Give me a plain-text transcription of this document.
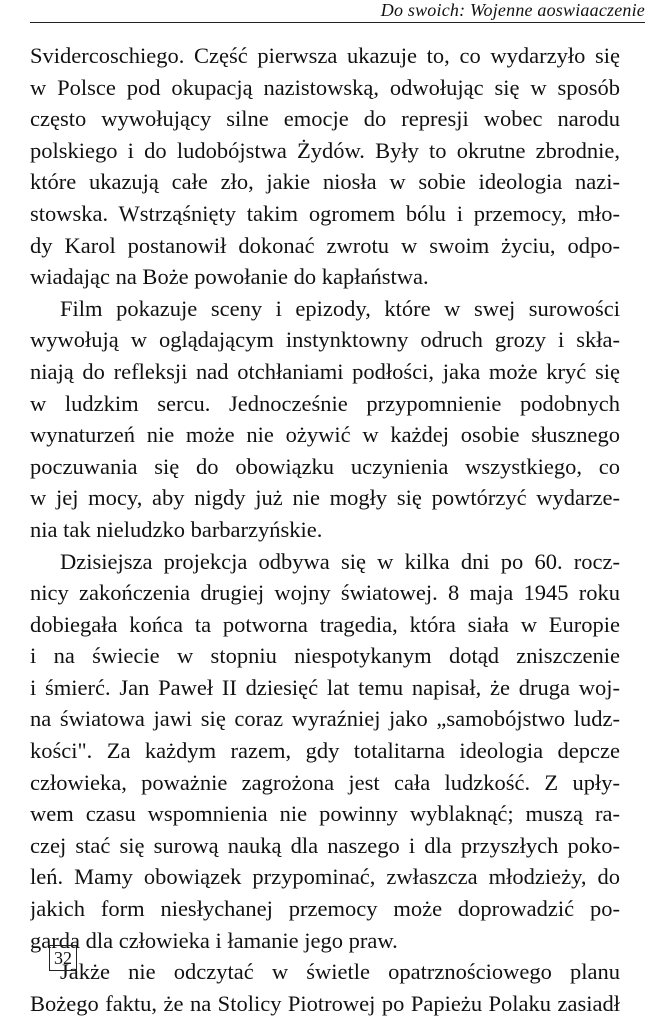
Do swoich: Wojenne aoswiaaczenie
Svidercoschiego. Część pierwsza ukazuje to, co wydarzyło się
w Polsce pod okupacją nazistowską, odwołując się w sposób
często wywołujący silne emocje do represji wobec narodu
polskiego i do ludobójstwa Żydów. Były to okrutne zbrodnie,
które ukazują całe zło, jakie niosła w sobie ideologia nazi-
stowska. Wstrząśnięty takim ogromem bólu i przemocy, mło-
dy Karol postanowił dokonać zwrotu w swoim życiu, odpo-
wiadając na Boże powołanie do kapłaństwa.
Film pokazuje sceny i epizody, które w swej surowości
wywołują w oglądającym instynktowny odruch grozy i skła-
niają do refleksji nad otchłaniami podłości, jaka może kryć się
w ludzkim sercu. Jednocześnie przypomnienie podobnych
wynaturzeń nie może nie ożywić w każdej osobie słusznego
poczuwania się do obowiązku uczynienia wszystkiego, co
w jej mocy, aby nigdy już nie mogły się powtórzyć wydarze-
nia tak nieludzko barbarzyńskie.
Dzisiejsza projekcja odbywa się w kilka dni po 60. rocz-
nicy zakończenia drugiej wojny światowej. 8 maja 1945 roku
dobiegała końca ta potworna tragedia, która siała w Europie
i na świecie w stopniu niespotykanym dotąd zniszczenie
i śmierć. Jan Paweł II dziesięć lat temu napisał, że druga woj-
na światowa jawi się coraz wyraźniej jako „samobójstwo ludz-
kości". Za każdym razem, gdy totalitarna ideologia depcze
człowieka, poważnie zagrożona jest cała ludzkość. Z upły-
wem czasu wspomnienia nie powinny wyblaknąć; muszą ra-
czej stać się surową nauką dla naszego i dla przyszłych poko-
leń. Mamy obowiązek przypominać, zwłaszcza młodzieży, do
jakich form niesłychanej przemocy może doprowadzić po-
garda dla człowieka i łamanie jego praw.
Jakże nie odczytać w świetle opatrznościowego planu
Bożego faktu, że na Stolicy Piotrowej po Papieżu Polaku zasiadł
32
